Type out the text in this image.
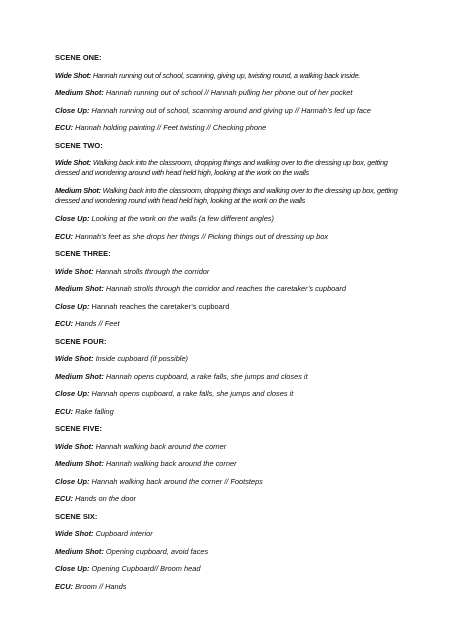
SCENE ONE:
Wide Shot: Hannah running out of school, scanning, giving up, twisting round, a walking back inside.
Medium Shot: Hannah running out of school // Hannah pulling her phone out of her pocket
Close Up: Hannah running out of school, scanning around and giving up // Hannah’s fed up face
ECU: Hannah holding painting // Feet twisting // Checking phone
SCENE TWO:
Wide Shot: Walking back into the classroom, dropping things and walking over to the dressing up box, getting dressed and wondering around with head held high, looking at the work on the walls
Medium Shot: Walking back into the classroom, dropping things and walking over to the dressing up box, getting dressed and wondering round with head held high, looking at the work on the walls
Close Up: Looking at the work on the walls (a few different angles)
ECU: Hannah’s feet as she drops her things // Picking things out of dressing up box
SCENE THREE:
Wide Shot: Hannah strolls through the corridor
Medium Shot: Hannah strolls through the corridor and reaches the caretaker’s cupboard
Close Up: Hannah reaches the caretaker’s cupboard
ECU: Hands // Feet
SCENE FOUR:
Wide Shot: Inside cupboard (if possible)
Medium Shot: Hannah opens cupboard, a rake falls, she jumps and closes it
Close Up: Hannah opens cupboard, a rake falls, she jumps and closes it
ECU: Rake falling
SCENE FIVE:
Wide Shot: Hannah walking back around the corner
Medium Shot: Hannah walking back around the corner
Close Up: Hannah walking back around the corner // Footsteps
ECU: Hands on the door
SCENE SIX:
Wide Shot: Cupboard interior
Medium Shot: Opening cupboard, avoid faces
Close Up: Opening Cupboard// Broom head
ECU: Broom // Hands
